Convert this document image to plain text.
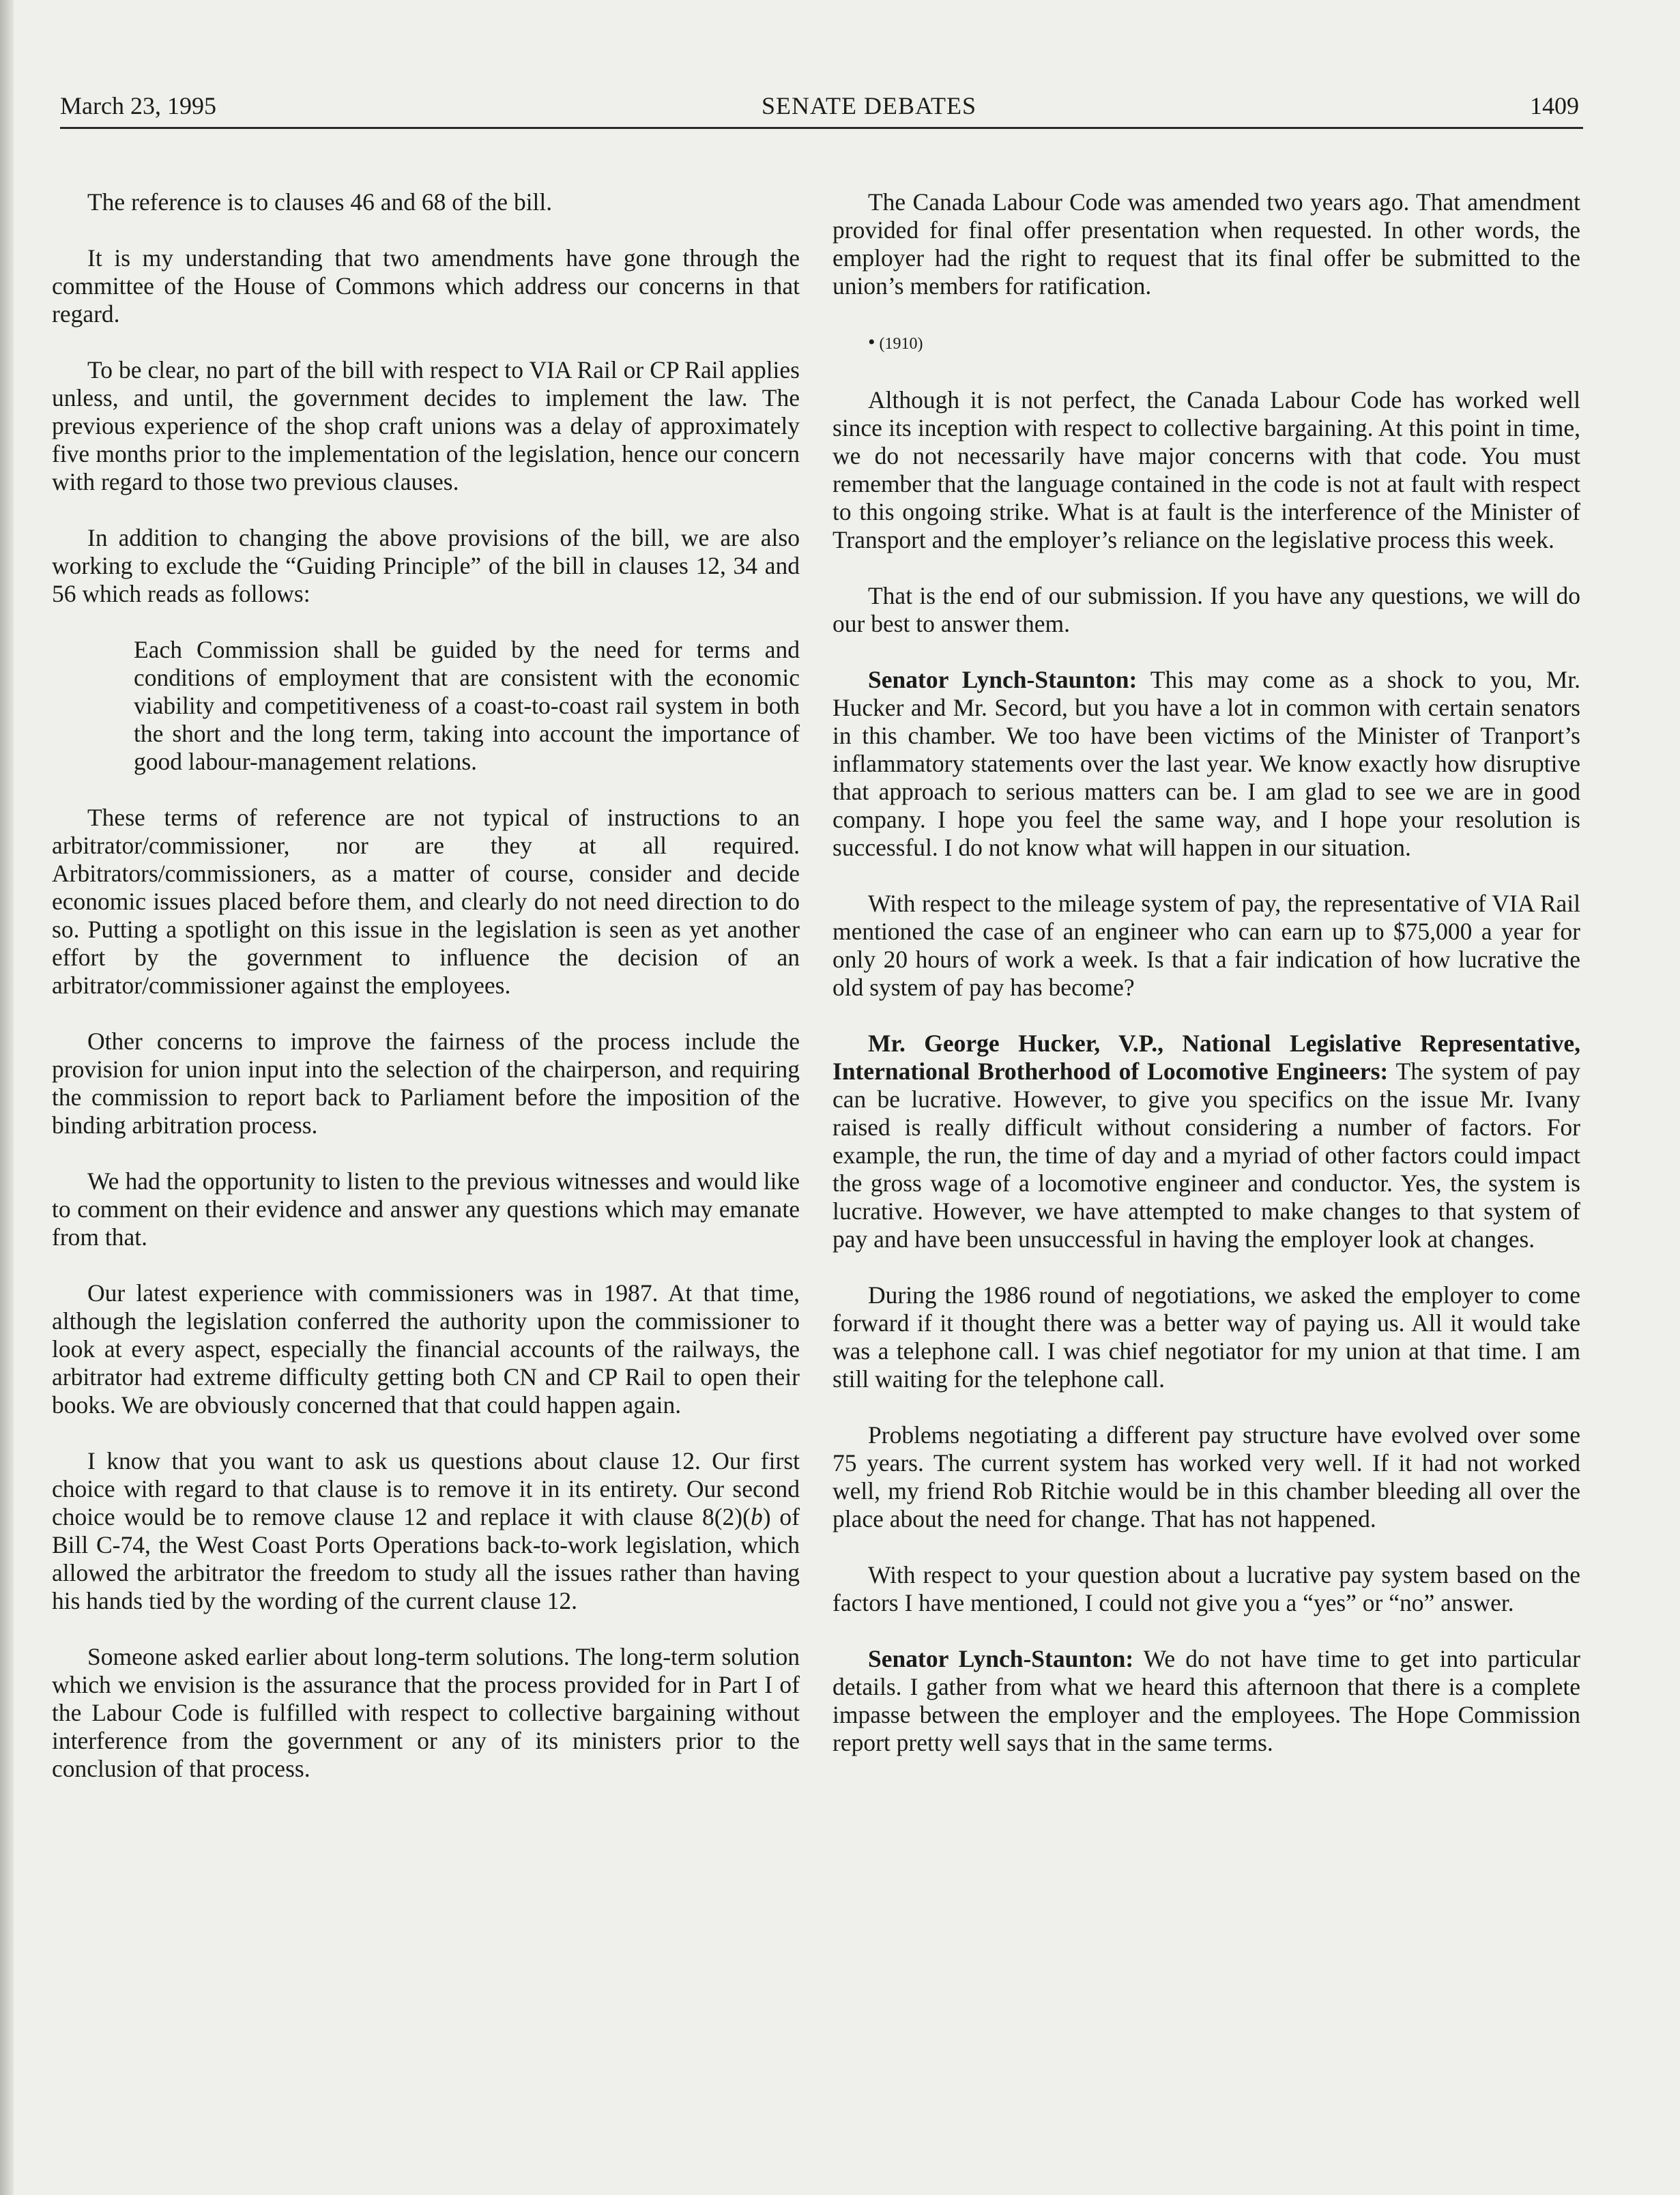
March 23, 1995	SENATE DEBATES	1409

The reference is to clauses 46 and 68 of the bill.

It is my understanding that two amendments have gone through the committee of the House of Commons which address our concerns in that regard.

To be clear, no part of the bill with respect to VIA Rail or CP Rail applies unless, and until, the government decides to implement the law. The previous experience of the shop craft unions was a delay of approximately five months prior to the implementation of the legislation, hence our concern with regard to those two previous clauses.

In addition to changing the above provisions of the bill, we are also working to exclude the “Guiding Principle” of the bill in clauses 12, 34 and 56 which reads as follows:

Each Commission shall be guided by the need for terms and conditions of employment that are consistent with the economic viability and competitiveness of a coast-to-coast rail system in both the short and the long term, taking into account the importance of good labour-management relations.

These terms of reference are not typical of instructions to an arbitrator/commissioner, nor are they at all required. Arbitrators/commissioners, as a matter of course, consider and decide economic issues placed before them, and clearly do not need direction to do so. Putting a spotlight on this issue in the legislation is seen as yet another effort by the government to influence the decision of an arbitrator/commissioner against the employees.

Other concerns to improve the fairness of the process include the provision for union input into the selection of the chairperson, and requiring the commission to report back to Parliament before the imposition of the binding arbitration process.

We had the opportunity to listen to the previous witnesses and would like to comment on their evidence and answer any questions which may emanate from that.

Our latest experience with commissioners was in 1987. At that time, although the legislation conferred the authority upon the commissioner to look at every aspect, especially the financial accounts of the railways, the arbitrator had extreme difficulty getting both CN and CP Rail to open their books. We are obviously concerned that that could happen again.

I know that you want to ask us questions about clause 12. Our first choice with regard to that clause is to remove it in its entirety. Our second choice would be to remove clause 12 and replace it with clause 8(2)(b) of Bill C-74, the West Coast Ports Operations back-to-work legislation, which allowed the arbitrator the freedom to study all the issues rather than having his hands tied by the wording of the current clause 12.

Someone asked earlier about long-term solutions. The long-term solution which we envision is the assurance that the process provided for in Part I of the Labour Code is fulfilled with respect to collective bargaining without interference from the government or any of its ministers prior to the conclusion of that process.

The Canada Labour Code was amended two years ago. That amendment provided for final offer presentation when requested. In other words, the employer had the right to request that its final offer be submitted to the union’s members for ratification.

• (1910)

Although it is not perfect, the Canada Labour Code has worked well since its inception with respect to collective bargaining. At this point in time, we do not necessarily have major concerns with that code. You must remember that the language contained in the code is not at fault with respect to this ongoing strike. What is at fault is the interference of the Minister of Transport and the employer’s reliance on the legislative process this week.

That is the end of our submission. If you have any questions, we will do our best to answer them.

Senator Lynch-Staunton: This may come as a shock to you, Mr. Hucker and Mr. Secord, but you have a lot in common with certain senators in this chamber. We too have been victims of the Minister of Tranport’s inflammatory statements over the last year. We know exactly how disruptive that approach to serious matters can be. I am glad to see we are in good company. I hope you feel the same way, and I hope your resolution is successful. I do not know what will happen in our situation.

With respect to the mileage system of pay, the representative of VIA Rail mentioned the case of an engineer who can earn up to $75,000 a year for only 20 hours of work a week. Is that a fair indication of how lucrative the old system of pay has become?

Mr. George Hucker, V.P., National Legislative Representative, International Brotherhood of Locomotive Engineers: The system of pay can be lucrative. However, to give you specifics on the issue Mr. Ivany raised is really difficult without considering a number of factors. For example, the run, the time of day and a myriad of other factors could impact the gross wage of a locomotive engineer and conductor. Yes, the system is lucrative. However, we have attempted to make changes to that system of pay and have been unsuccessful in having the employer look at changes.

During the 1986 round of negotiations, we asked the employer to come forward if it thought there was a better way of paying us. All it would take was a telephone call. I was chief negotiator for my union at that time. I am still waiting for the telephone call.

Problems negotiating a different pay structure have evolved over some 75 years. The current system has worked very well. If it had not worked well, my friend Rob Ritchie would be in this chamber bleeding all over the place about the need for change. That has not happened.

With respect to your question about a lucrative pay system based on the factors I have mentioned, I could not give you a “yes” or “no” answer.

Senator Lynch-Staunton: We do not have time to get into particular details. I gather from what we heard this afternoon that there is a complete impasse between the employer and the employees. The Hope Commission report pretty well says that in the same terms.
